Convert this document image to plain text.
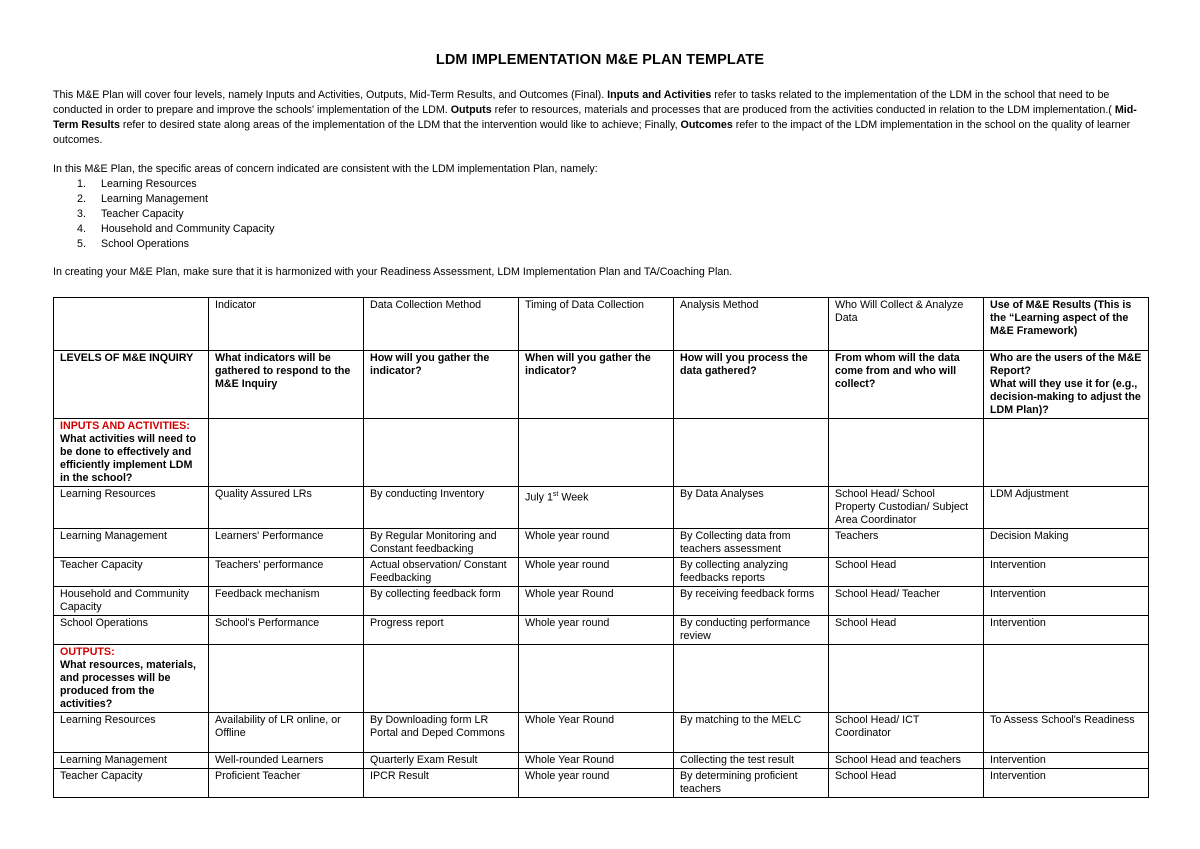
LDM IMPLEMENTATION M&E PLAN TEMPLATE
This M&E Plan will cover four levels, namely Inputs and Activities, Outputs, Mid-Term Results, and Outcomes (Final). Inputs and Activities refer to tasks related to the implementation of the LDM in the school that need to be conducted in order to prepare and improve the schools' implementation of the LDM. Outputs refer to resources, materials and processes that are produced from the activities conducted in relation to the LDM implementation.( Mid-Term Results refer to desired state along areas of the implementation of the LDM that the intervention would like to achieve; Finally, Outcomes refer to the impact of the LDM implementation in the school on the quality of learner outcomes.
In this M&E Plan, the specific areas of concern indicated are consistent with the LDM implementation Plan, namely:
1. Learning Resources
2. Learning Management
3. Teacher Capacity
4. Household and Community Capacity
5. School Operations
In creating your M&E Plan, make sure that it is harmonized with your Readiness Assessment, LDM Implementation Plan and TA/Coaching Plan.
	Indicator	Data Collection Method	Timing of Data Collection	Analysis Method	Who Will Collect & Analyze Data	Use of M&E Results (This is the “Learning aspect of the M&E Framework)
LEVELS OF M&E INQUIRY	What indicators will be gathered to respond to the M&E Inquiry	How will you gather the indicator?	When will you gather the indicator?	How will you process the data gathered?	From whom will the data come from and who will collect?	Who are the users of the M&E Report?
What will they use it for (e.g., decision-making to adjust the LDM Plan)?
INPUTS AND ACTIVITIES:
What activities will need to be done to effectively and efficiently implement LDM in the school?						
Learning Resources	Quality Assured LRs	By conducting Inventory	July 1st Week	By Data Analyses	School Head/ School Property Custodian/ Subject Area Coordinator	LDM Adjustment
Learning Management	Learners' Performance	By Regular Monitoring and Constant feedbacking	Whole year round	By Collecting data from teachers assessment	Teachers	Decision Making
Teacher Capacity	Teachers' performance	Actual observation/ Constant Feedbacking	Whole year round	By collecting analyzing feedbacks reports	School Head	Intervention
Household and Community Capacity	Feedback mechanism	By collecting feedback form	Whole year Round	By receiving feedback forms	School Head/ Teacher	Intervention
School Operations	School's Performance	Progress report	Whole year round	By conducting performance review	School Head	Intervention
OUTPUTS:
What resources, materials, and processes will be produced from the activities?						
Learning Resources	Availability of LR online, or Offline	By Downloading form LR Portal and Deped Commons	Whole Year Round	By matching to the MELC	School Head/ ICT Coordinator	To Assess School's Readiness
Learning Management	Well-rounded Learners	Quarterly Exam Result	Whole Year Round	Collecting the test result	School Head and teachers	Intervention
Teacher Capacity	Proficient Teacher	IPCR Result	Whole year round	By determining proficient teachers	School Head	Intervention
